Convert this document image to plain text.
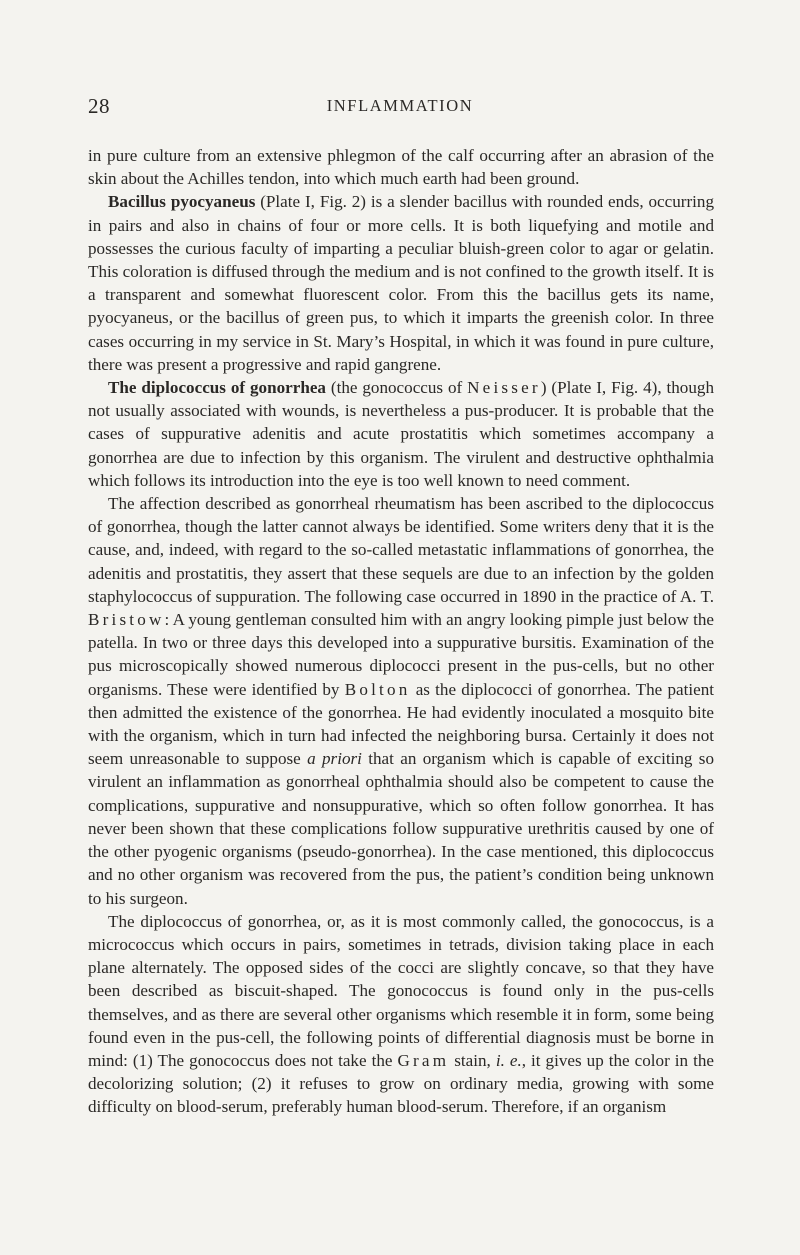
28	INFLAMMATION

in pure culture from an extensive phlegmon of the calf occurring after an abrasion of the skin about the Achilles tendon, into which much earth had been ground.

Bacillus pyocyaneus (Plate I, Fig. 2) is a slender bacillus with rounded ends, occurring in pairs and also in chains of four or more cells. It is both liquefying and motile and possesses the curious faculty of imparting a peculiar bluish-green color to agar or gelatin. This coloration is diffused through the medium and is not confined to the growth itself. It is a transparent and somewhat fluorescent color. From this the bacillus gets its name, pyocyaneus, or the bacillus of green pus, to which it imparts the greenish color. In three cases occurring in my service in St. Mary’s Hospital, in which it was found in pure culture, there was present a progressive and rapid gangrene.

The diplococcus of gonorrhea (the gonococcus of Neisser) (Plate I, Fig. 4), though not usually associated with wounds, is nevertheless a pus-producer. It is probable that the cases of suppurative adenitis and acute prostatitis which sometimes accompany a gonorrhea are due to infection by this organism. The virulent and destructive ophthalmia which follows its introduction into the eye is too well known to need comment.

The affection described as gonorrheal rheumatism has been ascribed to the diplococcus of gonorrhea, though the latter cannot always be identified. Some writers deny that it is the cause, and, indeed, with regard to the so-called metastatic inflammations of gonorrhea, the adenitis and prostatitis, they assert that these sequels are due to an infection by the golden staphylococcus of suppuration. The following case occurred in 1890 in the practice of A. T. Bristow: A young gentleman consulted him with an angry looking pimple just below the patella. In two or three days this developed into a suppurative bursitis. Examination of the pus microscopically showed numerous diplococci present in the pus-cells, but no other organisms. These were identified by Bolton as the diplococci of gonorrhea. The patient then admitted the existence of the gonorrhea. He had evidently inoculated a mosquito bite with the organism, which in turn had infected the neighboring bursa. Certainly it does not seem unreasonable to suppose a priori that an organism which is capable of exciting so virulent an inflammation as gonorrheal ophthalmia should also be competent to cause the complications, suppurative and nonsuppurative, which so often follow gonorrhea. It has never been shown that these complications follow suppurative urethritis caused by one of the other pyogenic organisms (pseudo-gonorrhea). In the case mentioned, this diplococcus and no other organism was recovered from the pus, the patient’s condition being unknown to his surgeon.

The diplococcus of gonorrhea, or, as it is most commonly called, the gonococcus, is a micrococcus which occurs in pairs, sometimes in tetrads, division taking place in each plane alternately. The opposed sides of the cocci are slightly concave, so that they have been described as biscuit-shaped. The gonococcus is found only in the pus-cells themselves, and as there are several other organisms which resemble it in form, some being found even in the pus-cell, the following points of differential diagnosis must be borne in mind: (1) The gonococcus does not take the Gram stain, i. e., it gives up the color in the decolorizing solution; (2) it refuses to grow on ordinary media, growing with some difficulty on blood-serum, preferably human blood-serum. Therefore, if an organism
